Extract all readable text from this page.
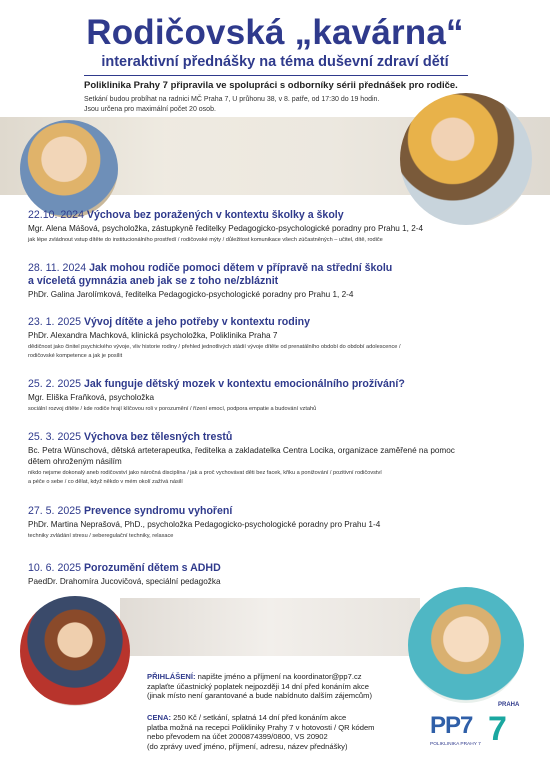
Rodičovská „kavárna“
interaktivní přednášky na téma duševní zdraví dětí
Poliklinika Prahy 7 připravila ve spolupráci s odborníky sérii přednášek pro rodiče.
Setkání budou probíhat na radnici MČ Praha 7, U průhonu 38, v 8. patře, od 17:30 do 19 hodin.
Jsou určena pro maximální počet 20 osob.
22.10. 2024 Výchova bez poražených v kontextu školky a školy
Mgr. Alena Mášová, psycholožka, zástupkyně ředitelky Pedagogicko-psychologické poradny pro Prahu 1, 2-4
jak lépe zvládnout vstup dítěte do institucionálního prostředí / rodičovské mýty / důležitost komunikace všech zúčastněných – učitel, dítě, rodiče
28. 11. 2024 Jak mohou rodiče pomoci dětem v přípravě na střední školu
a víceletá gymnázia aneb jak se z toho ne/zbláznit
PhDr. Galina Jarolímková, ředitelka Pedagogicko-psychologické poradny pro Prahu 1, 2-4
23. 1. 2025 Vývoj dítěte a jeho potřeby v kontextu rodiny
PhDr. Alexandra Machková, klinická psycholožka, Poliklinika Praha 7
dědičnost jako činitel psychického vývoje, vliv historie rodiny / přehled jednotlivých stádií vývoje dítěte od prenatálního období do období adolescence /
rodičovské kompetence a jak je posílit
25. 2. 2025 Jak funguje dětský mozek v kontextu emocionálního prožívání?
Mgr. Eliška Fraňková, psycholožka
sociální rozvoj dítěte / kde rodiče hrají klíčovou roli v porozumění / řízení emocí, podpora empatie a budování vztahů
25. 3. 2025 Výchova bez tělesných trestů
Bc. Petra Wünschová, dětská arteterapeutka, ředitelka a zakladatelka Centra Locika, organizace zaměřené na pomoc
dětem ohroženým násilím
nikdo nejsme dokonalý aneb rodičovství jako náročná disciplína / jak a proč vychovávat děti bez facek, křiku a ponižování / pozitivní rodičovství
a péče o sebe / co dělat, když někdo v mém okolí zažívá násilí
27. 5. 2025 Prevence syndromu vyhoření
PhDr. Martina Neprašová, PhD., psycholožka Pedagogicko-psychologické poradny pro Prahu 1-4
techniky zvládání stresu / seberegulační techniky, relaxace
10. 6. 2025 Porozumění dětem s ADHD
PaedDr. Drahomíra Jucovičová, speciální pedagožka
PŘIHLÁŠENÍ: napište jméno a příjmení na koordinator@pp7.cz
zaplaťte účastnický poplatek nejpozději 14 dní před konáním akce
(jinak místo není garantované a bude nabídnuto dalším zájemcům)
CENA: 250 Kč / setkání, splatná 14 dní před konáním akce
platba možná na recepci Polikliniky Prahy 7 v hotovosti / QR kódem
nebo převodem na účet 2000874399/0800, VS 20902
(do zprávy uveď jméno, příjmení, adresu, název přednášky)
PP7
PRAHA
7
POLIKLINIKA PRAHY 7
